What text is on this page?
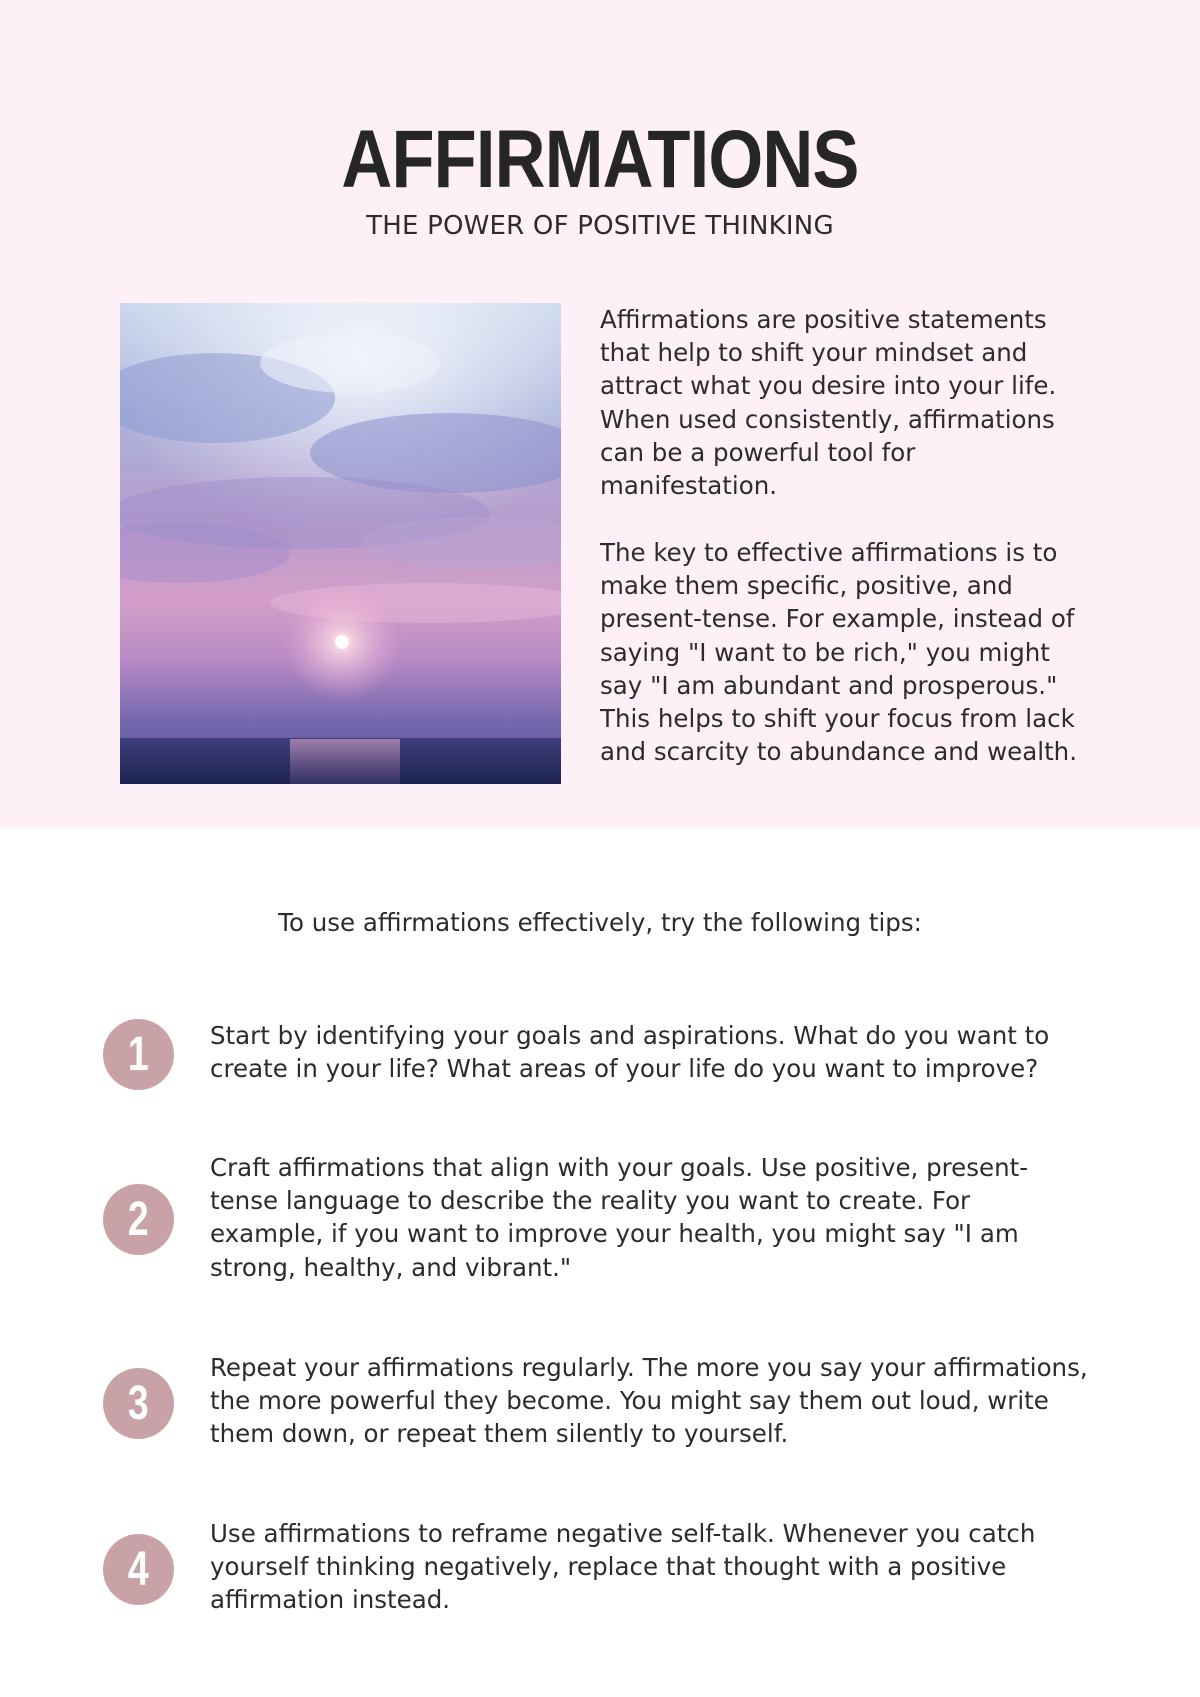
AFFIRMATIONS
THE POWER OF POSITIVE THINKING

Affirmations are positive statements that help to shift your mindset and attract what you desire into your life. When used consistently, affirmations can be a powerful tool for manifestation.

The key to effective affirmations is to make them specific, positive, and present-tense. For example, instead of saying "I want to be rich," you might say "I am abundant and prosperous." This helps to shift your focus from lack and scarcity to abundance and wealth.

To use affirmations effectively, try the following tips:
1	Start by identifying your goals and aspirations. What do you want to create in your life? What areas of your life do you want to improve?

2

Craft affirmations that align with your goals. Use positive, present-tense language to describe the reality you want to create. For example, if you want to improve your health, you might say "I am strong, healthy, and vibrant."

3

Repeat your affirmations regularly. The more you say your affirmations, the more powerful they become. You might say them out loud, write them down, or repeat them silently to yourself.

4

Use affirmations to reframe negative self-talk. Whenever you catch yourself thinking negatively, replace that thought with a positive affirmation instead.
